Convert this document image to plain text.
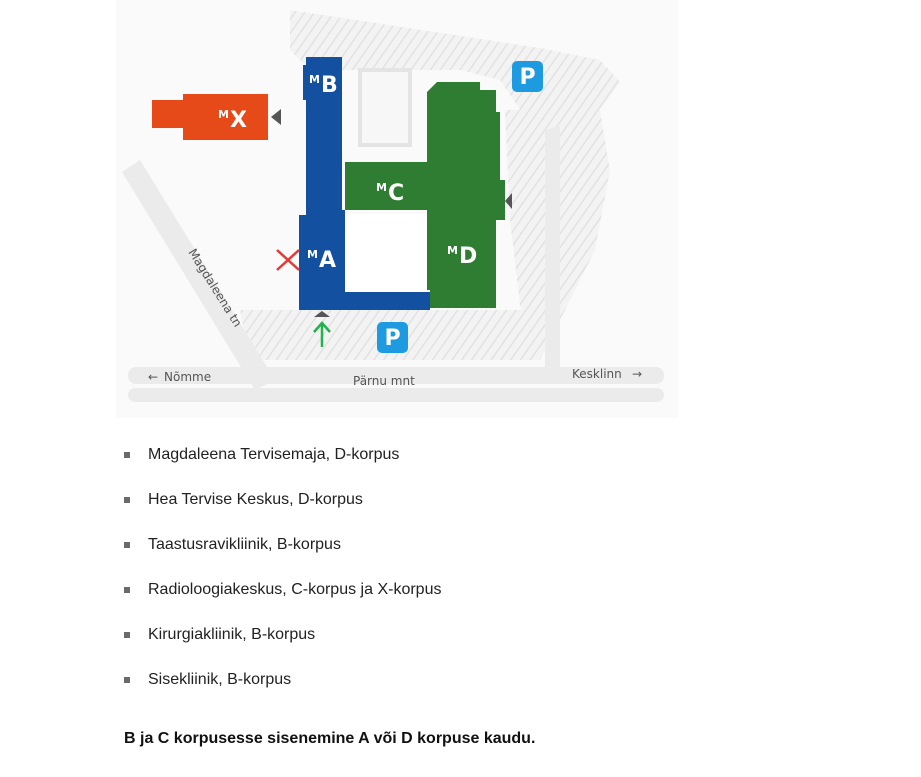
P
P
$^M$B
$^M$X
$^M$C
$^M$A	$^M$D
Magdaleena tn
Pärnu mnt
← Nõmme	Kesklinn →
Magdaleena Tervisemaja, D-korpus
Hea Tervise Keskus, D-korpus
Taastusravikliinik, B-korpus
Radioloogiakeskus, C-korpus ja X-korpus
Kirurgiakliinik, B-korpus
Sisekliinik, B-korpus
B ja C korpusesse sisenemine A või D korpuse kaudu.
